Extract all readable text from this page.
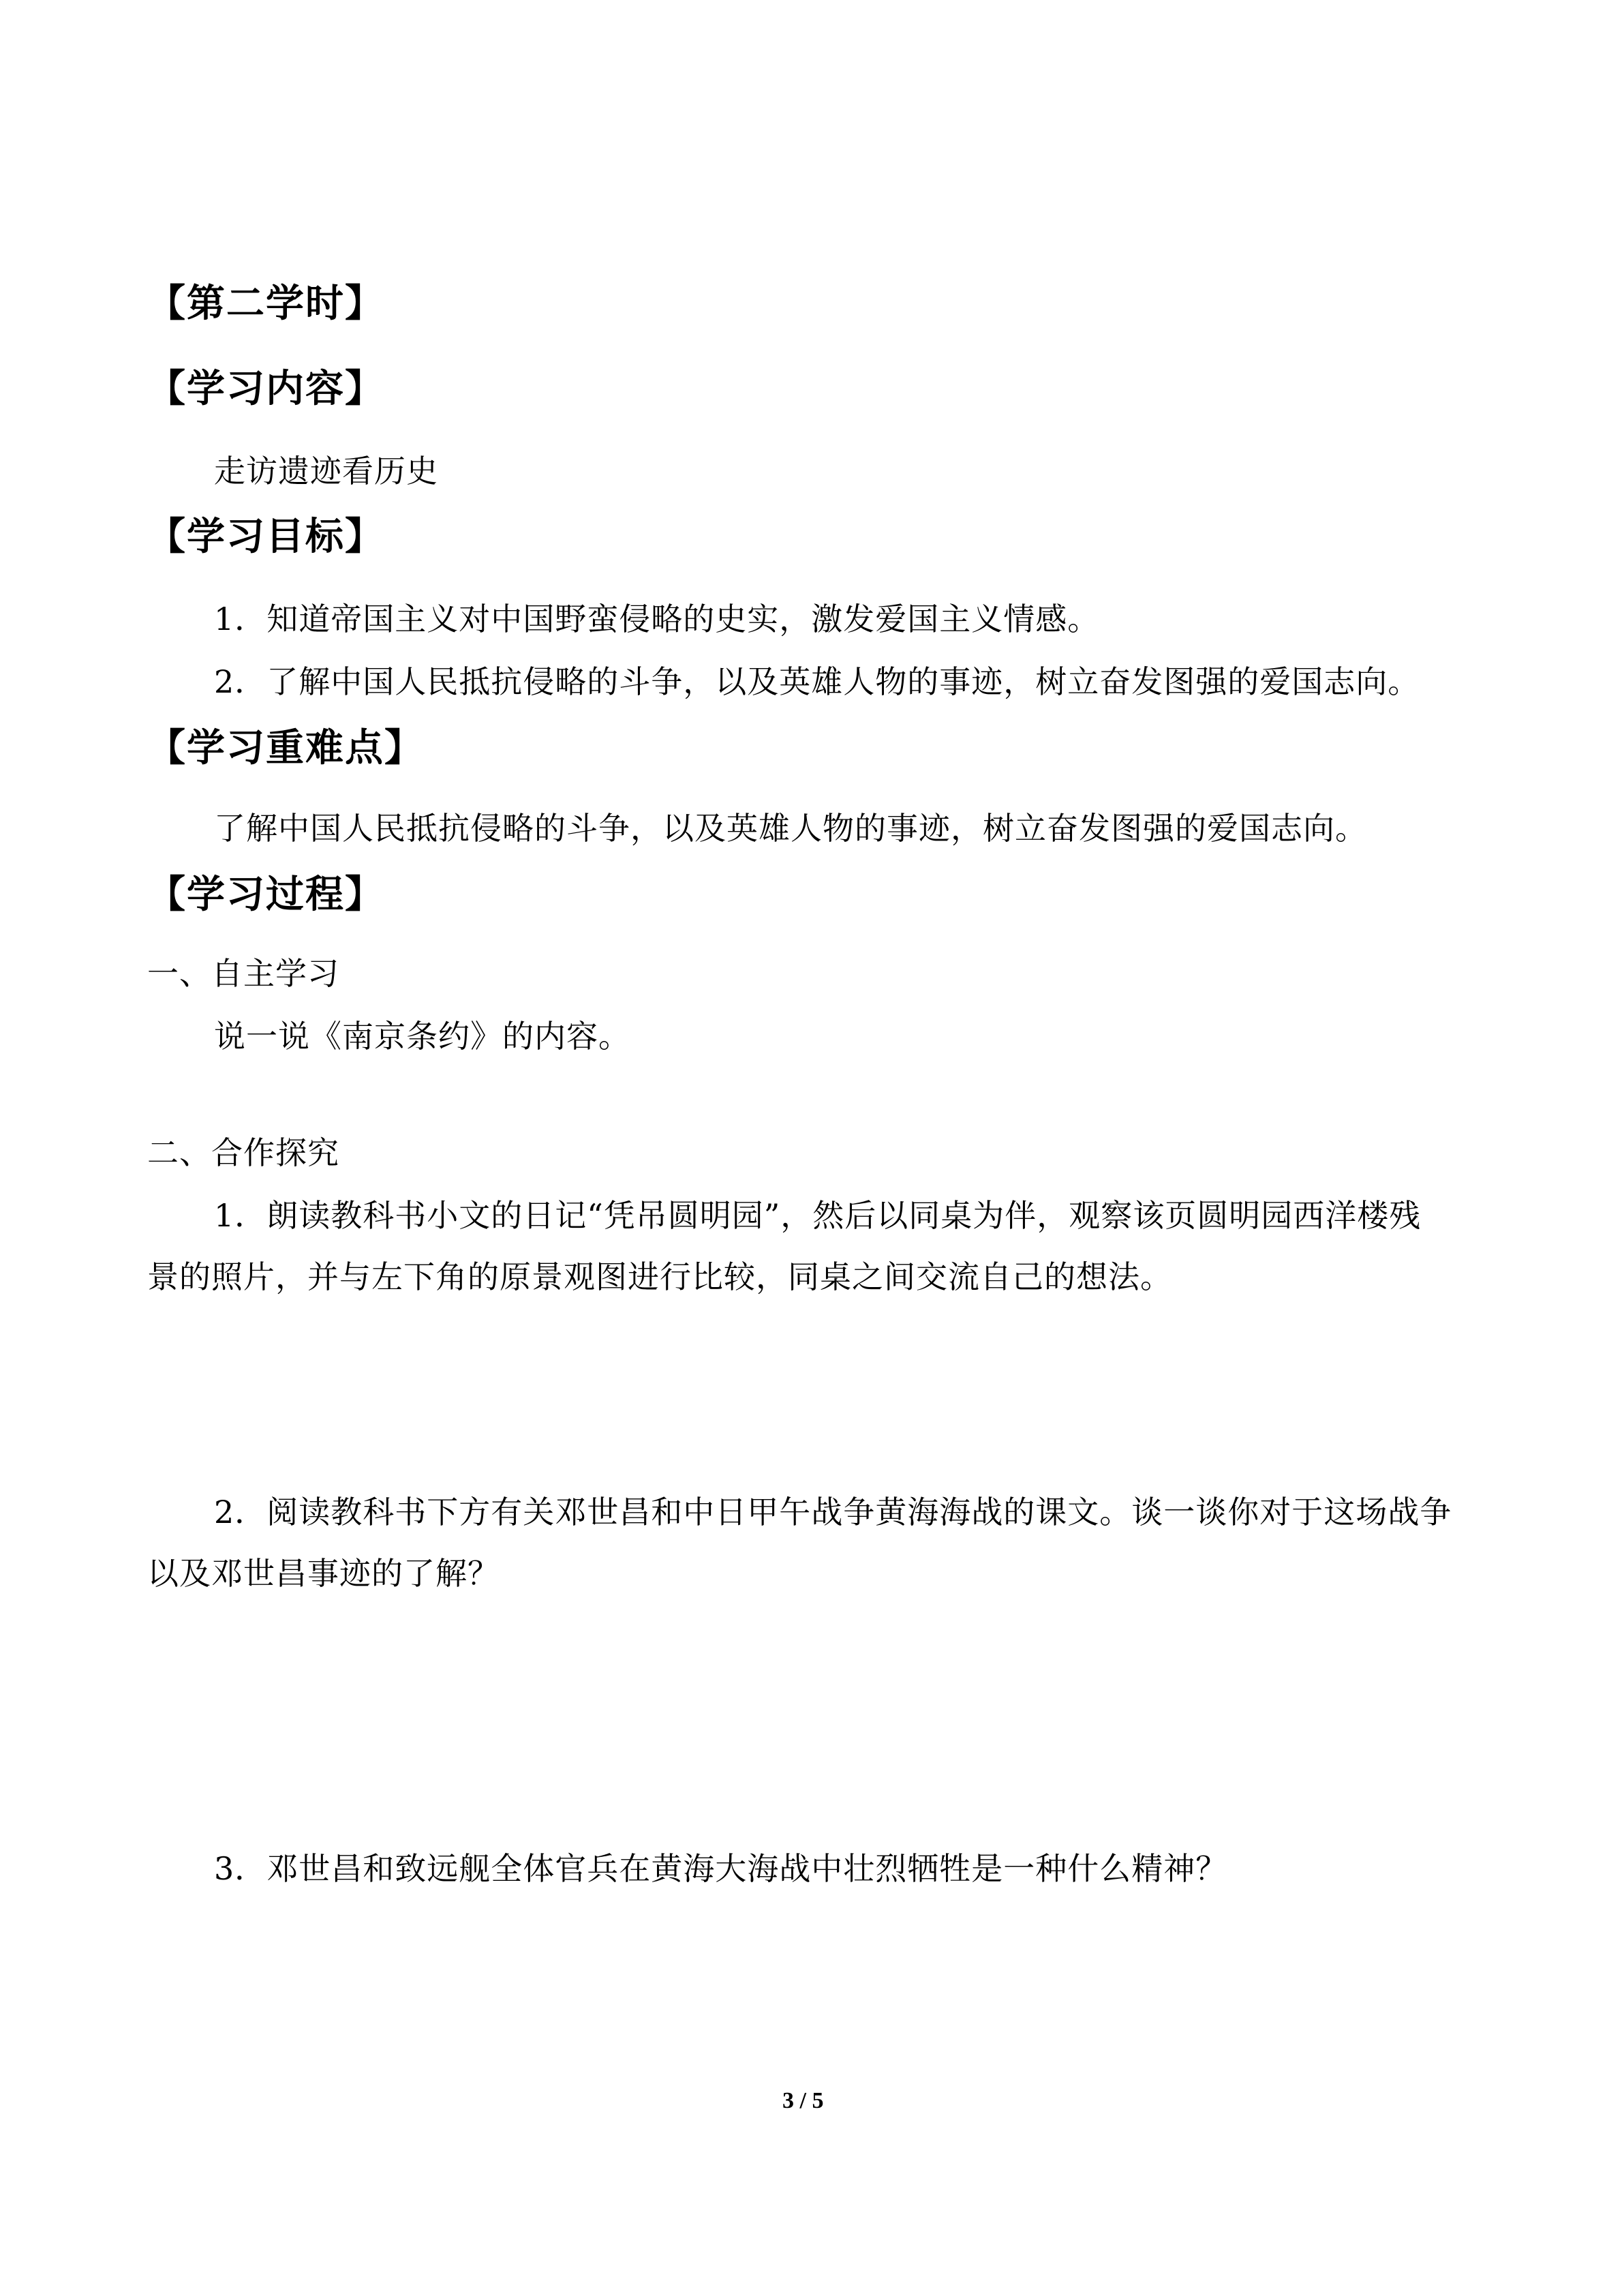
【第二学时】
【学习内容】
走访遗迹看历史
【学习目标】
1．知道帝国主义对中国野蛮侵略的史实，激发爱国主义情感。
2．了解中国人民抵抗侵略的斗争，以及英雄人物的事迹，树立奋发图强的爱国志向。
【学习重难点】
了解中国人民抵抗侵略的斗争，以及英雄人物的事迹，树立奋发图强的爱国志向。
【学习过程】
一、自主学习
说一说《南京条约》的内容。
二、合作探究
1．朗读教科书小文的日记“凭吊圆明园”，然后以同桌为伴，观察该页圆明园西洋楼残
景的照片，并与左下角的原景观图进行比较，同桌之间交流自己的想法。
2．阅读教科书下方有关邓世昌和中日甲午战争黄海海战的课文。谈一谈你对于这场战争
以及邓世昌事迹的了解？
3．邓世昌和致远舰全体官兵在黄海大海战中壮烈牺牲是一种什么精神？
3 / 5
